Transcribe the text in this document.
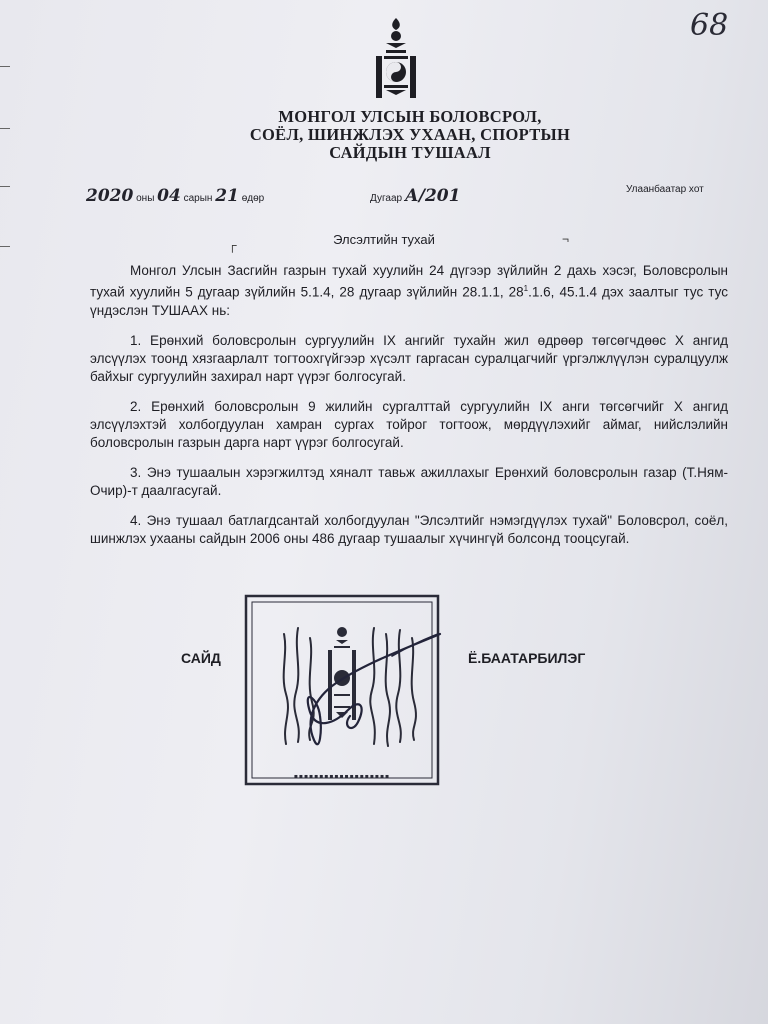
68
МОНГОЛ УЛСЫН БОЛОВСРОЛ,
СОЁЛ, ШИНЖЛЭХ УХААН, СПОРТЫН
САЙДЫН ТУШААЛ
2020 оны 04 сарын 21 өдөр	Дугаар А/201	Улаанбаатар хот
┌	¬
Элсэлтийн тухай

Монгол Улсын Засгийн газрын тухай хуулийн 24 дүгээр зүйлийн 2 дахь хэсэг, Боловсролын тухай хуулийн 5 дугаар зүйлийн 5.1.4, 28 дугаар зүйлийн 28.1.1, $28^1.1.6$, 45.1.4 дэх заалтыг тус тус үндэслэн ТУШААХ нь:

1. Ерөнхий боловсролын сургуулийн IX ангийг тухайн жил өдрөөр төгсөгчдөөс X ангид элсүүлэх тоонд хязгаарлалт тогтоохгүйгээр хүсэлт гаргасан суралцагчийг үргэлжлүүлэн суралцуулж байхыг сургуулийн захирал нарт үүрэг болгосугай.

2. Ерөнхий боловсролын 9 жилийн сургалттай сургуулийн IX анги төгсөгчийг X ангид элсүүлэхтэй холбогдуулан хамран сургах тойрог тогтоож, мөрдүүлэхийг аймаг, нийслэлийн боловсролын газрын дарга нарт үүрэг болгосугай.

3. Энэ тушаалын хэрэгжилтэд хяналт тавьж ажиллахыг Ерөнхий боловсролын газар (Т.Ням-Очир)-т даалгасугай.

4. Энэ тушаал батлагдсантай холбогдуулан "Элсэлтийг нэмэгдүүлэх тухай" Боловсрол, соёл, шинжлэх ухааны сайдын 2006 оны 486 дугаар тушаалыг хүчингүй болсонд тооцсугай.

САЙД	Ё.БААТАРБИЛЭГ
▪▪▪▪▪▪▪▪▪▪▪▪▪▪▪▪▪▪▪
